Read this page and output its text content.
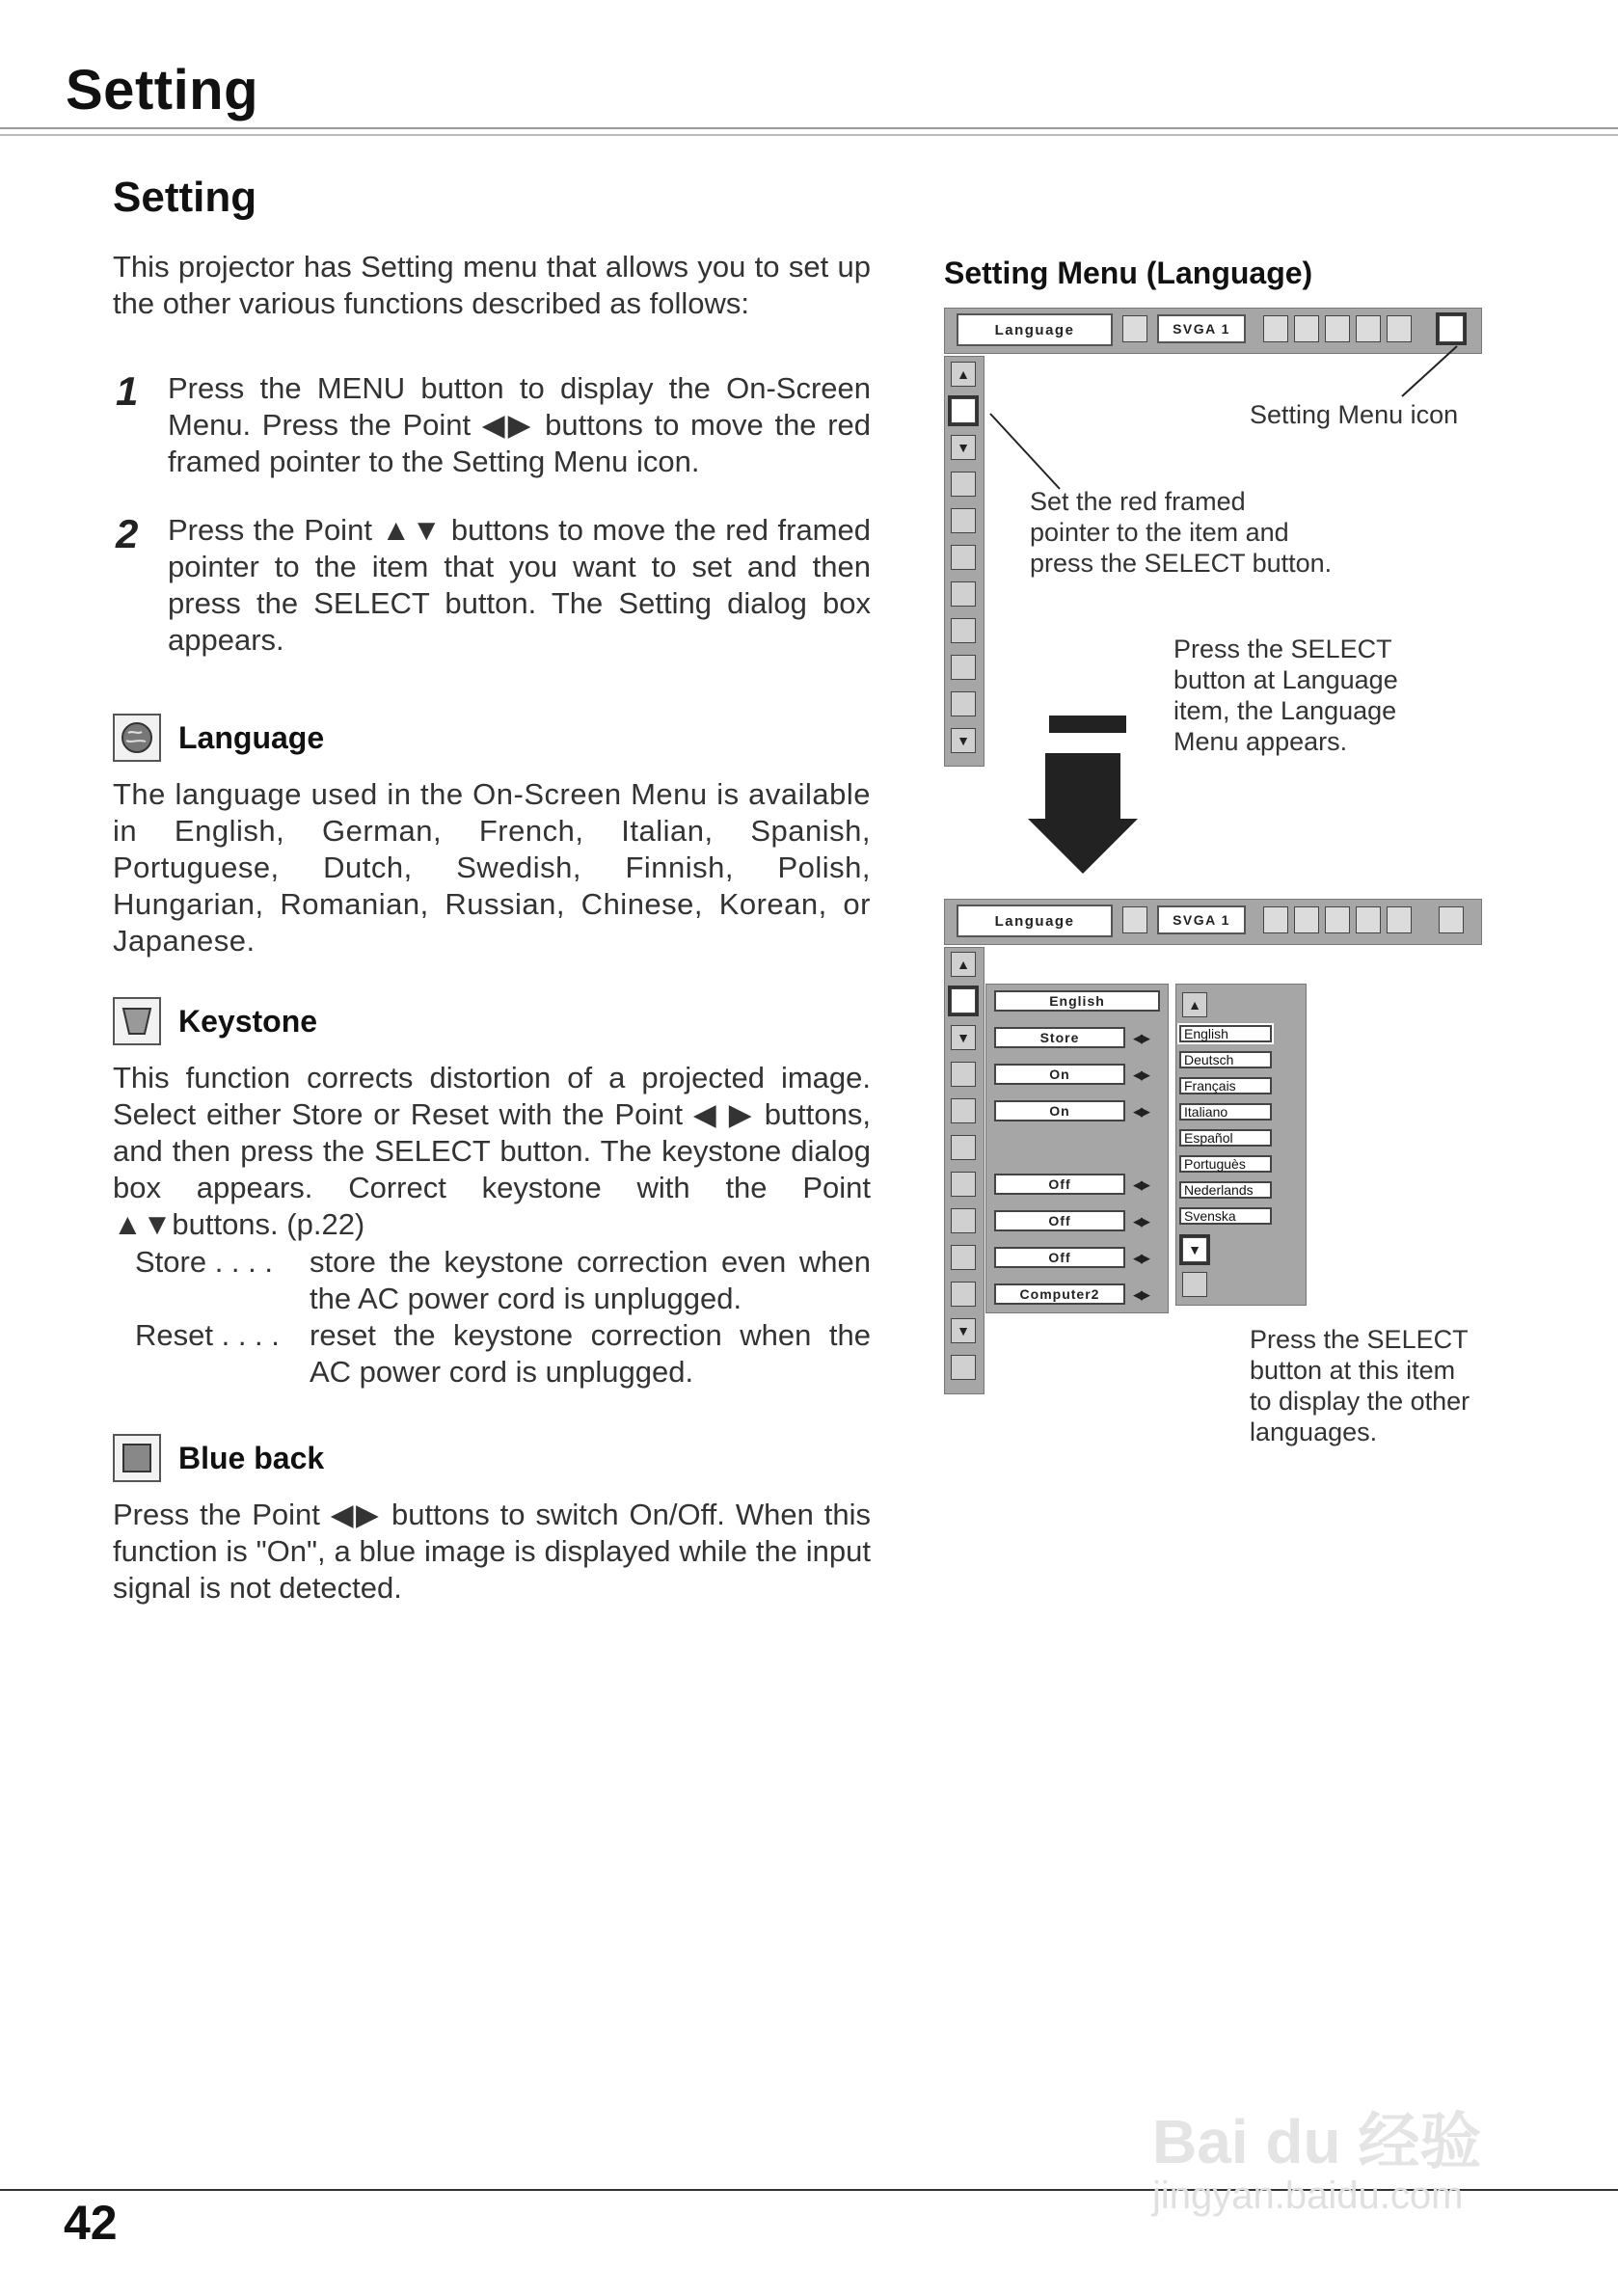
Setting
Setting
This projector has Setting menu that allows you to set up the other various functions described as follows:
1 Press the MENU button to display the On-Screen Menu. Press the Point ◀▶ buttons to move the red framed pointer to the Setting Menu icon.
2 Press the Point ▲▼ buttons to move the red framed pointer to the item that you want to set and then press the SELECT button. The Setting dialog box appears.
Language
The language used in the On-Screen Menu is available in English, German, French, Italian, Spanish, Portuguese, Dutch, Swedish, Finnish, Polish, Hungarian, Romanian, Russian, Chinese, Korean, or Japanese.
Keystone
This function corrects distortion of a projected image. Select either Store or Reset with the Point ◀ ▶ buttons, and then press the SELECT button. The keystone dialog box appears. Correct keystone with the Point ▲▼buttons. (p.22)
Store . . . .	store the keystone correction even when the AC power cord is unplugged.
Reset . . . .	reset the keystone correction when the AC power cord is unplugged.
Blue back
Press the Point ◀▶ buttons to switch On/Off. When this function is "On", a blue image is displayed while the input signal is not detected.
Setting Menu (Language)
Language	SVGA 1
▲
▼
▼
Setting Menu icon
Set the red framed
pointer to the item and
press the SELECT button.
Press the SELECT
button at Language
item, the Language
Menu appears.
Language	SVGA 1
▲
▼
▼
English
Store	◀▶
On	◀▶
On	◀▶
Off	◀▶
Off	◀▶
Off	◀▶
Computer2	◀▶
▲
English
Deutsch
Français
Italiano
Español
Portuguès
Nederlands
Svenska
▼
Press the SELECT
button at this item
to display the other
languages.
42
Bai du 经验
jingyan.baidu.com
